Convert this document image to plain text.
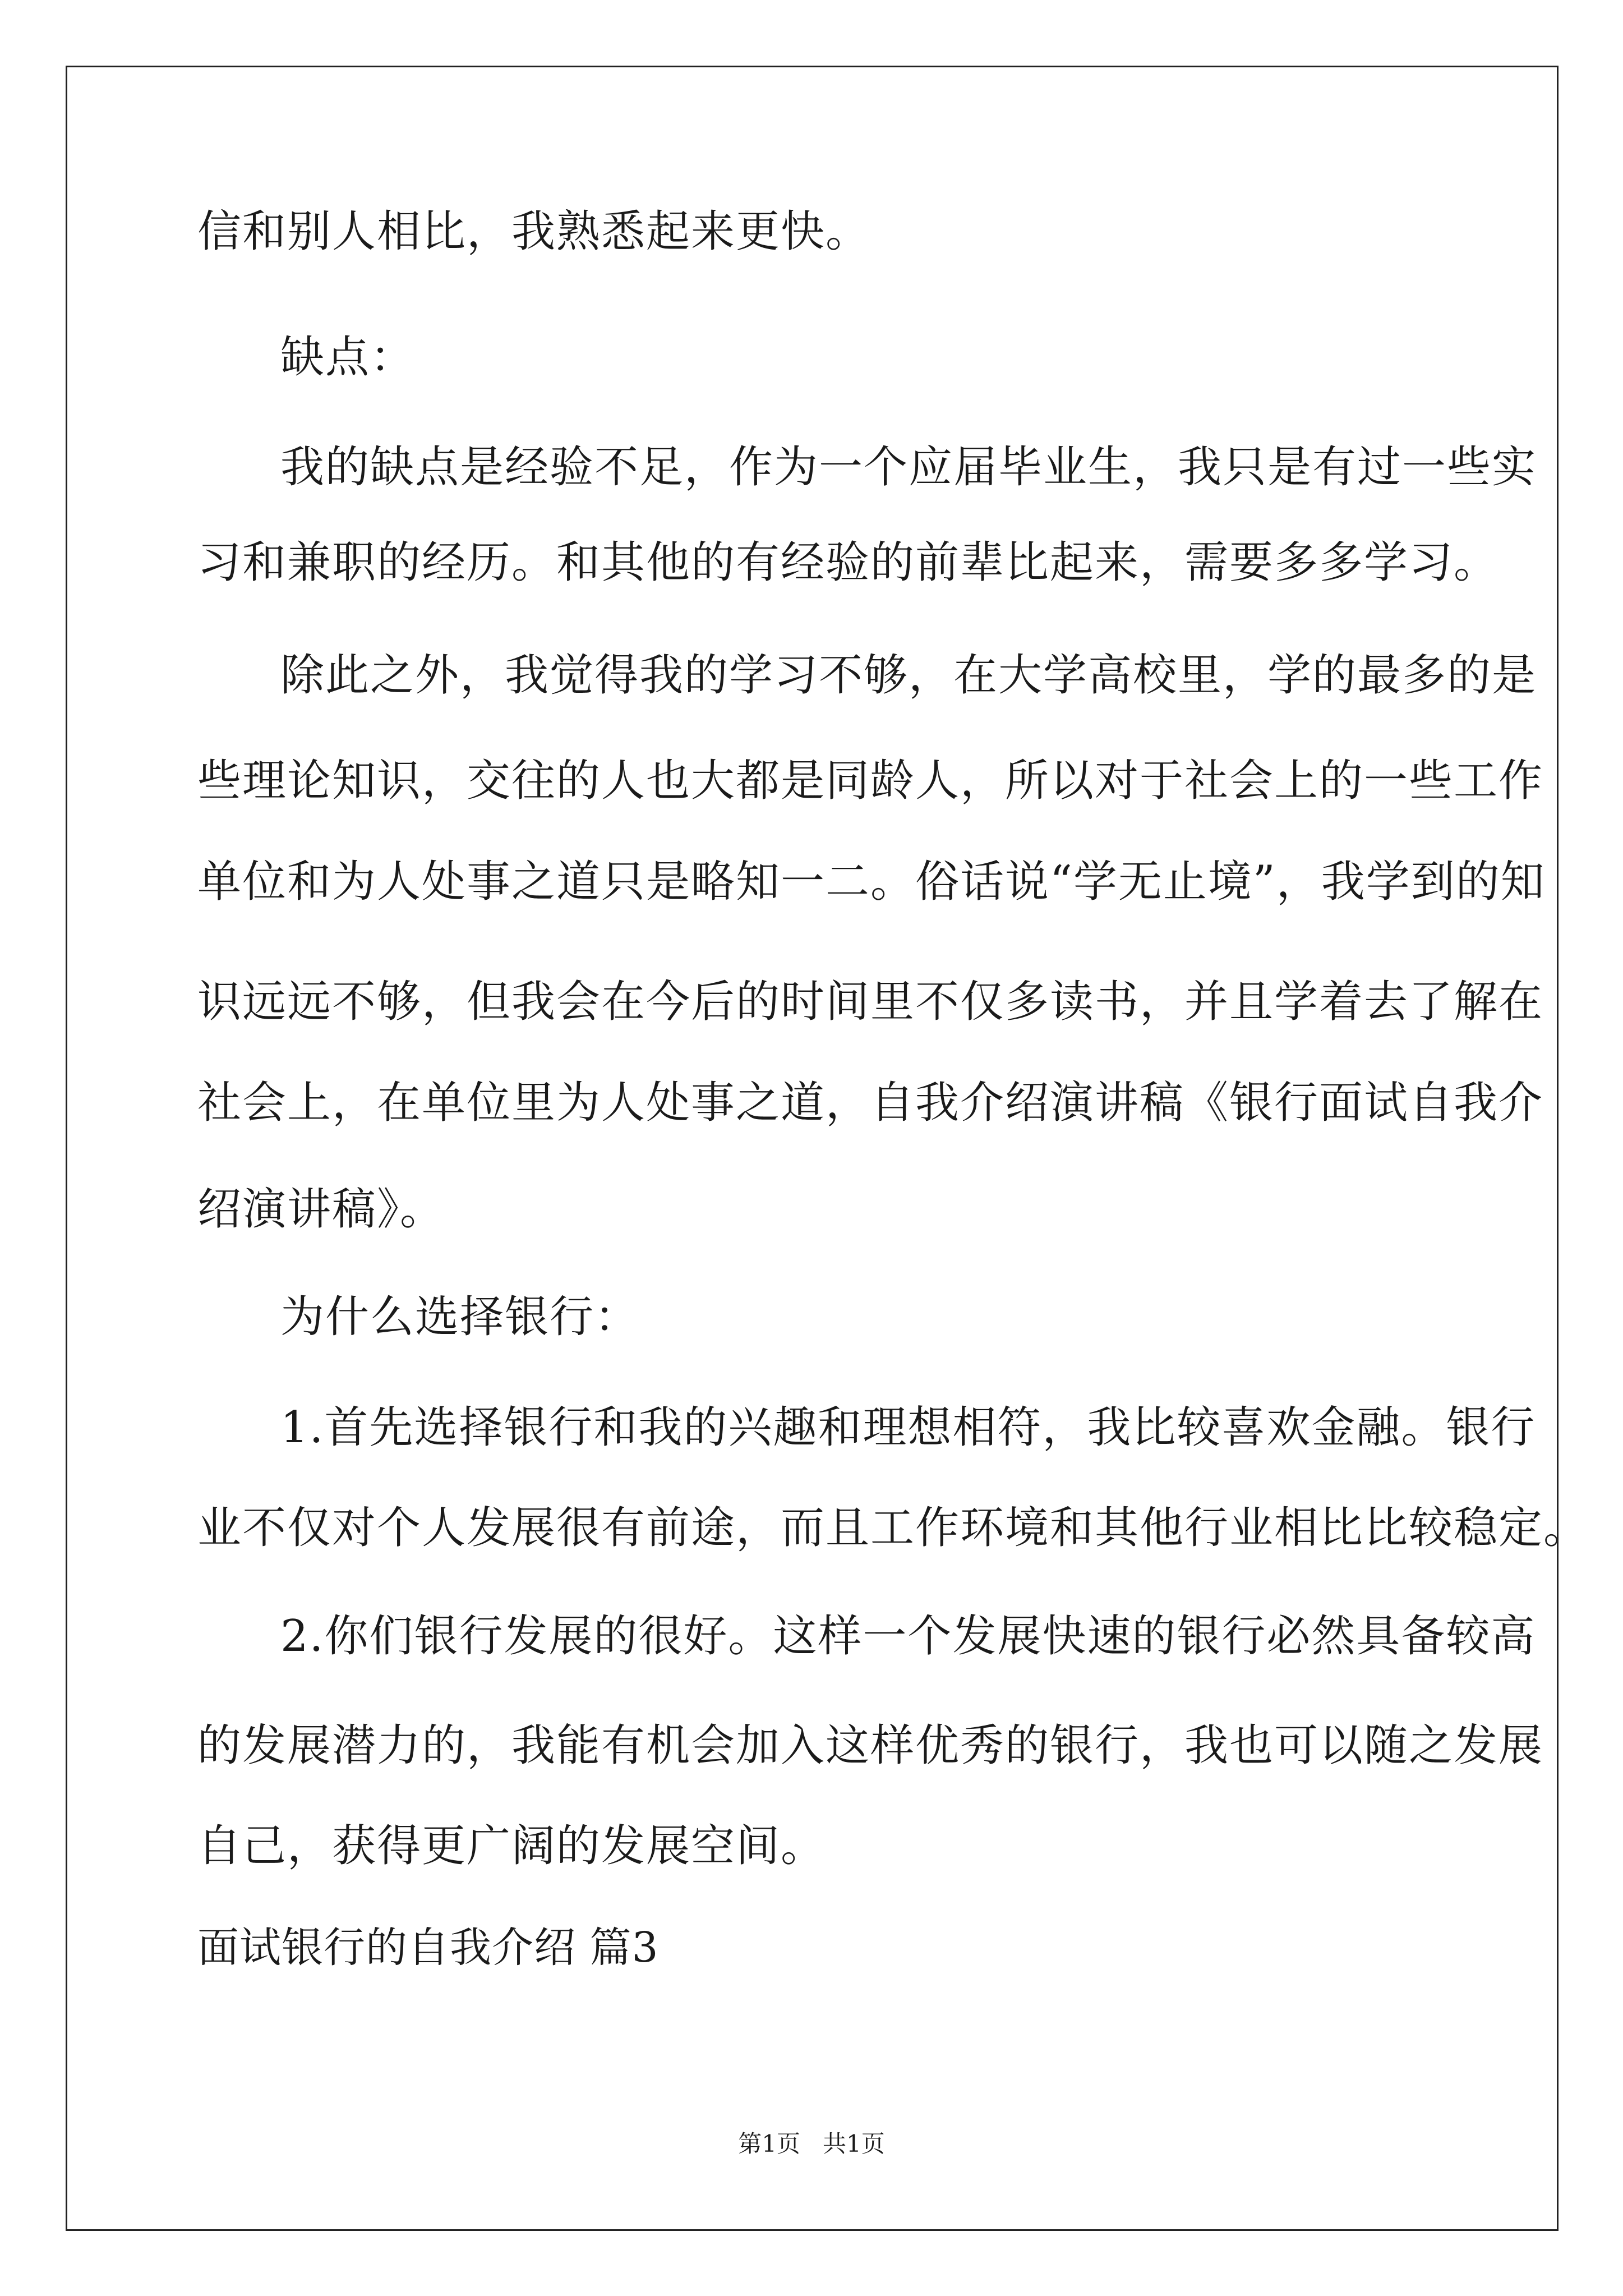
信和别人相比，我熟悉起来更快。
缺点：
我的缺点是经验不足，作为一个应届毕业生，我只是有过一些实
习和兼职的经历。和其他的有经验的前辈比起来，需要多多学习。
除此之外，我觉得我的学习不够，在大学高校里，学的最多的是
些理论知识，交往的人也大都是同龄人，所以对于社会上的一些工作
单位和为人处事之道只是略知一二。俗话说“学无止境”，我学到的知
识远远不够，但我会在今后的时间里不仅多读书，并且学着去了解在
社会上，在单位里为人处事之道，自我介绍演讲稿《银行面试自我介
绍演讲稿》。
为什么选择银行：
1.首先选择银行和我的兴趣和理想相符，我比较喜欢金融。银行
业不仅对个人发展很有前途，而且工作环境和其他行业相比比较稳定。
2.你们银行发展的很好。这样一个发展快速的银行必然具备较高
的发展潜力的，我能有机会加入这样优秀的银行，我也可以随之发展
自己，获得更广阔的发展空间。
面试银行的自我介绍 篇3
第1页   共1页
